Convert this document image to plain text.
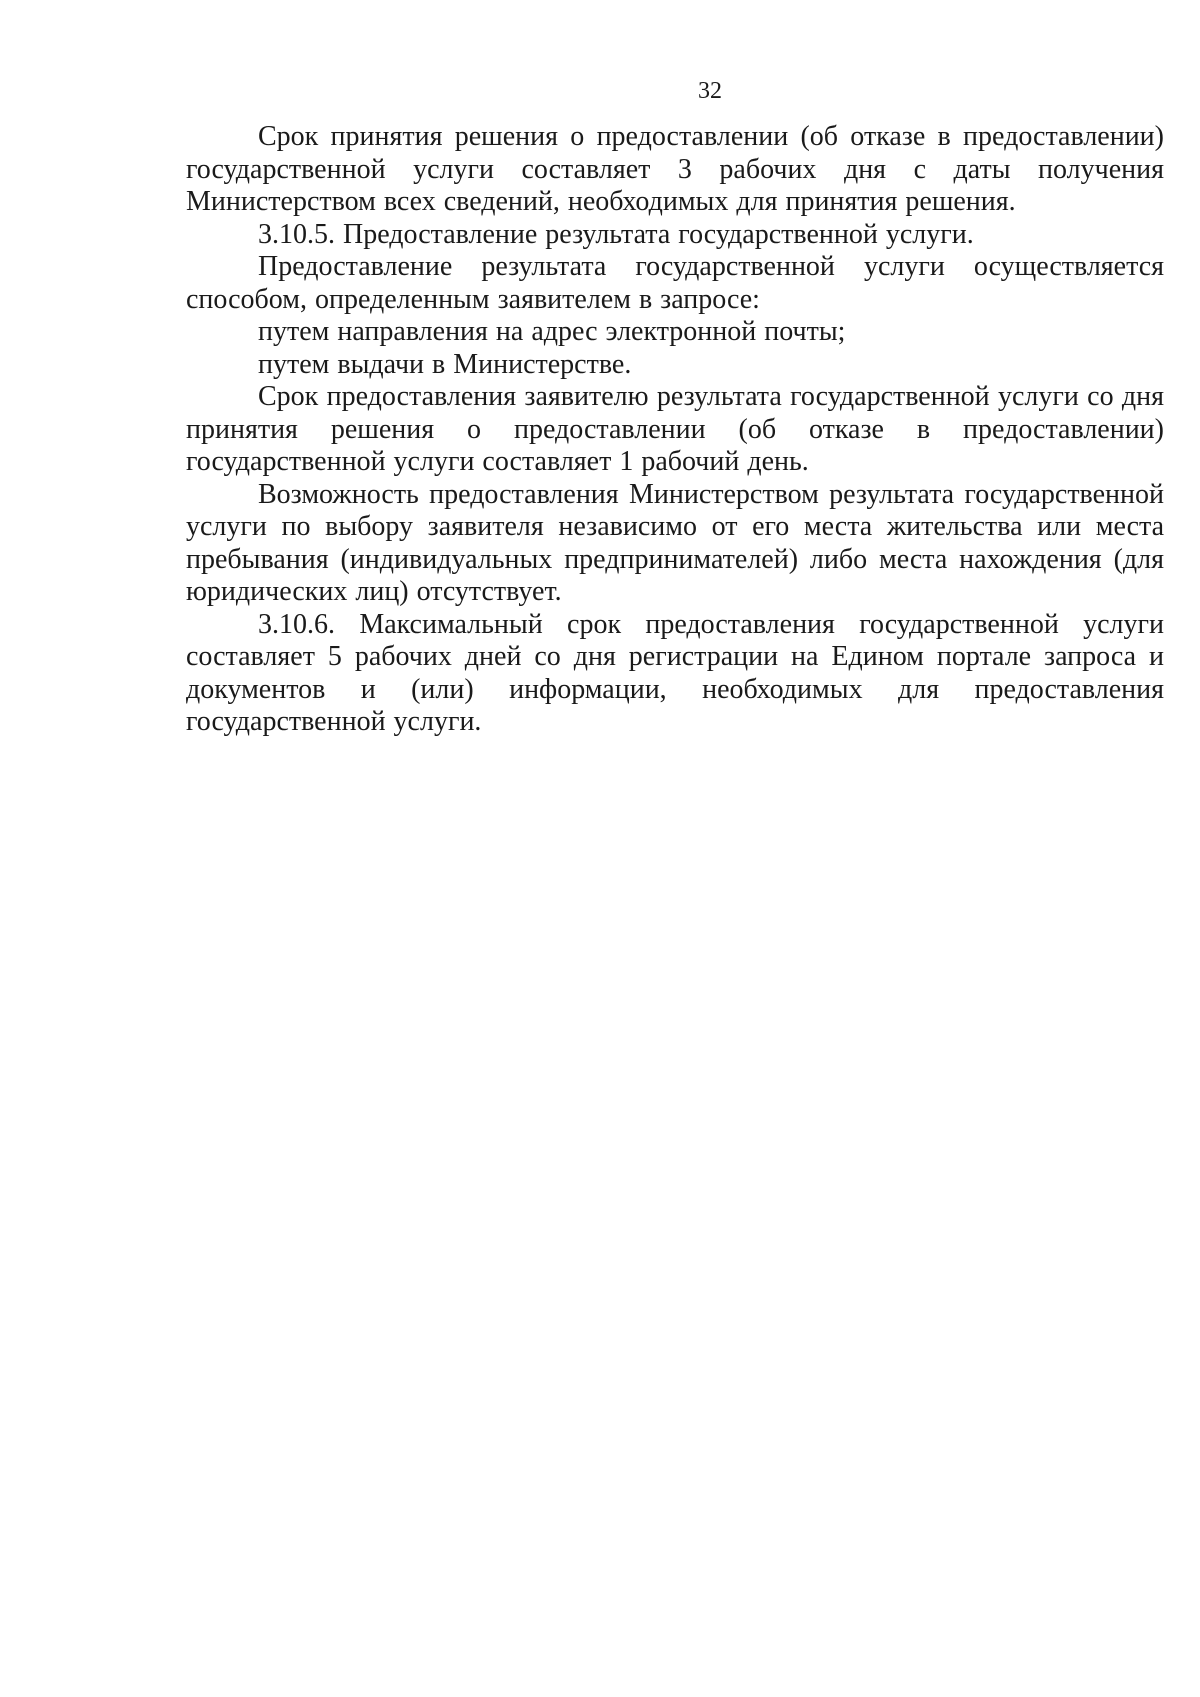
32

Срок принятия решения о предоставлении (об отказе в предоставлении) государственной услуги составляет 3 рабочих дня с даты получения Министерством всех сведений, необходимых для принятия решения.

3.10.5. Предоставление результата государственной услуги.

Предоставление результата государственной услуги осуществляется способом, определенным заявителем в запросе:

путем направления на адрес электронной почты;

путем выдачи в Министерстве.

Срок предоставления заявителю результата государственной услуги со дня принятия решения о предоставлении (об отказе в предоставлении) государственной услуги составляет 1 рабочий день.

Возможность предоставления Министерством результата государственной услуги по выбору заявителя независимо от его места жительства или места пребывания (индивидуальных предпринимателей) либо места нахождения (для юридических лиц) отсутствует.

3.10.6. Максимальный срок предоставления государственной услуги составляет 5 рабочих дней со дня регистрации на Едином портале запроса и документов и (или) информации, необходимых для предоставления государственной услуги.
